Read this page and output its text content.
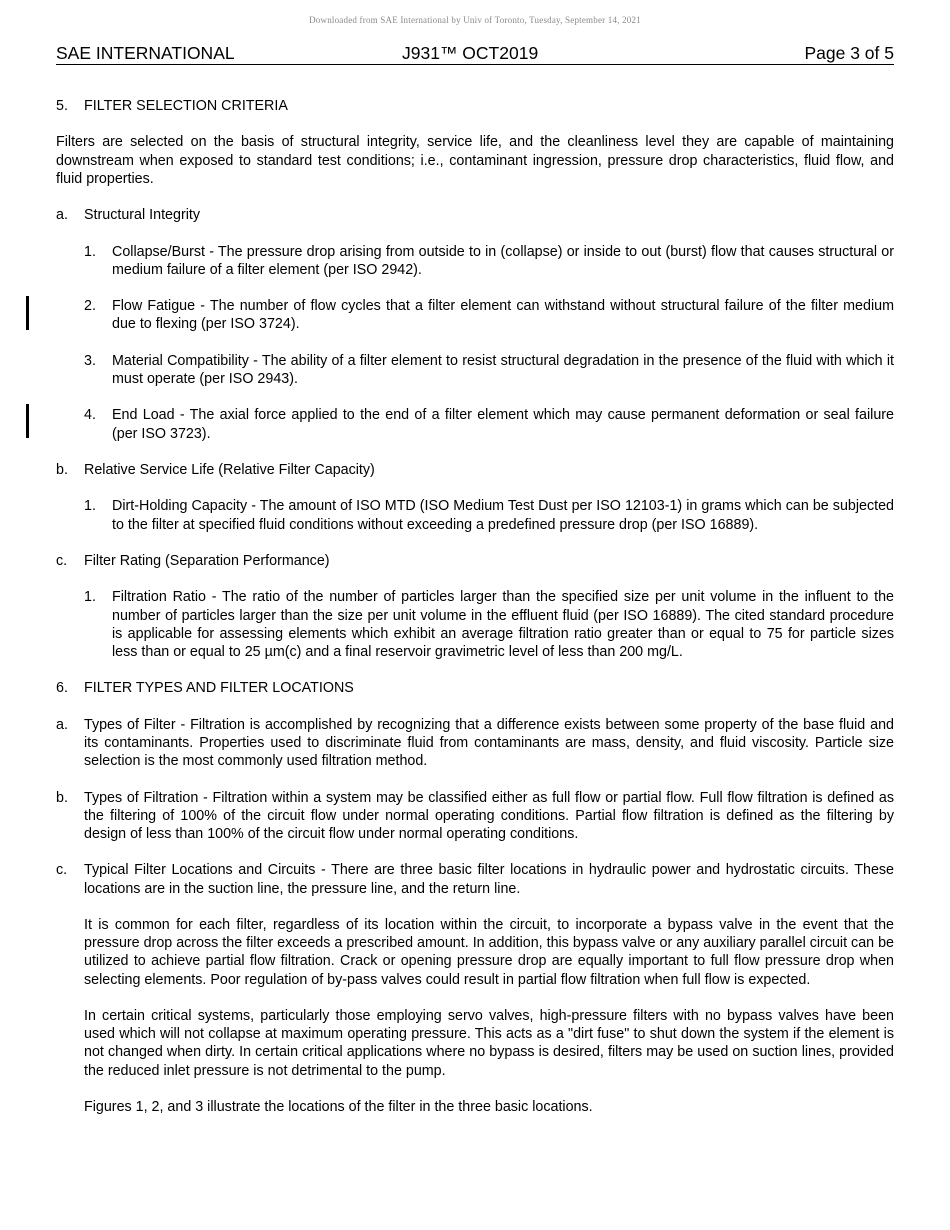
Downloaded from SAE International by Univ of Toronto, Tuesday, September 14, 2021
SAE INTERNATIONAL	J931™ OCT2019	Page 3 of 5
5. FILTER SELECTION CRITERIA

Filters are selected on the basis of structural integrity, service life, and the cleanliness level they are capable of maintaining downstream when exposed to standard test conditions; i.e., contaminant ingression, pressure drop characteristics, fluid flow, and fluid properties.

a. Structural Integrity
1. Collapse/Burst - The pressure drop arising from outside to in (collapse) or inside to out (burst) flow that causes structural or medium failure of a filter element (per ISO 2942).
2. Flow Fatigue - The number of flow cycles that a filter element can withstand without structural failure of the filter medium due to flexing (per ISO 3724).
3. Material Compatibility - The ability of a filter element to resist structural degradation in the presence of the fluid with which it must operate (per ISO 2943).
4. End Load - The axial force applied to the end of a filter element which may cause permanent deformation or seal failure (per ISO 3723).
b. Relative Service Life (Relative Filter Capacity)
1. Dirt-Holding Capacity - The amount of ISO MTD (ISO Medium Test Dust per ISO 12103-1) in grams which can be subjected to the filter at specified fluid conditions without exceeding a predefined pressure drop (per ISO 16889).
c. Filter Rating (Separation Performance)
1. Filtration Ratio - The ratio of the number of particles larger than the specified size per unit volume in the influent to the number of particles larger than the size per unit volume in the effluent fluid (per ISO 16889). The cited standard procedure is applicable for assessing elements which exhibit an average filtration ratio greater than or equal to 75 for particle sizes less than or equal to 25 µm(c) and a final reservoir gravimetric level of less than 200 mg/L.
6. FILTER TYPES AND FILTER LOCATIONS
a. Types of Filter - Filtration is accomplished by recognizing that a difference exists between some property of the base fluid and its contaminants. Properties used to discriminate fluid from contaminants are mass, density, and fluid viscosity. Particle size selection is the most commonly used filtration method.
b. Types of Filtration - Filtration within a system may be classified either as full flow or partial flow. Full flow filtration is defined as the filtering of 100% of the circuit flow under normal operating conditions. Partial flow filtration is defined as the filtering by design of less than 100% of the circuit flow under normal operating conditions.
c. Typical Filter Locations and Circuits - There are three basic filter locations in hydraulic power and hydrostatic circuits. These locations are in the suction line, the pressure line, and the return line.

It is common for each filter, regardless of its location within the circuit, to incorporate a bypass valve in the event that the pressure drop across the filter exceeds a prescribed amount. In addition, this bypass valve or any auxiliary parallel circuit can be utilized to achieve partial flow filtration. Crack or opening pressure drop are equally important to full flow pressure drop when selecting elements. Poor regulation of by-pass valves could result in partial flow filtration when full flow is expected.

In certain critical systems, particularly those employing servo valves, high-pressure filters with no bypass valves have been used which will not collapse at maximum operating pressure. This acts as a "dirt fuse" to shut down the system if the element is not changed when dirty. In certain critical applications where no bypass is desired, filters may be used on suction lines, provided the reduced inlet pressure is not detrimental to the pump.

Figures 1, 2, and 3 illustrate the locations of the filter in the three basic locations.
